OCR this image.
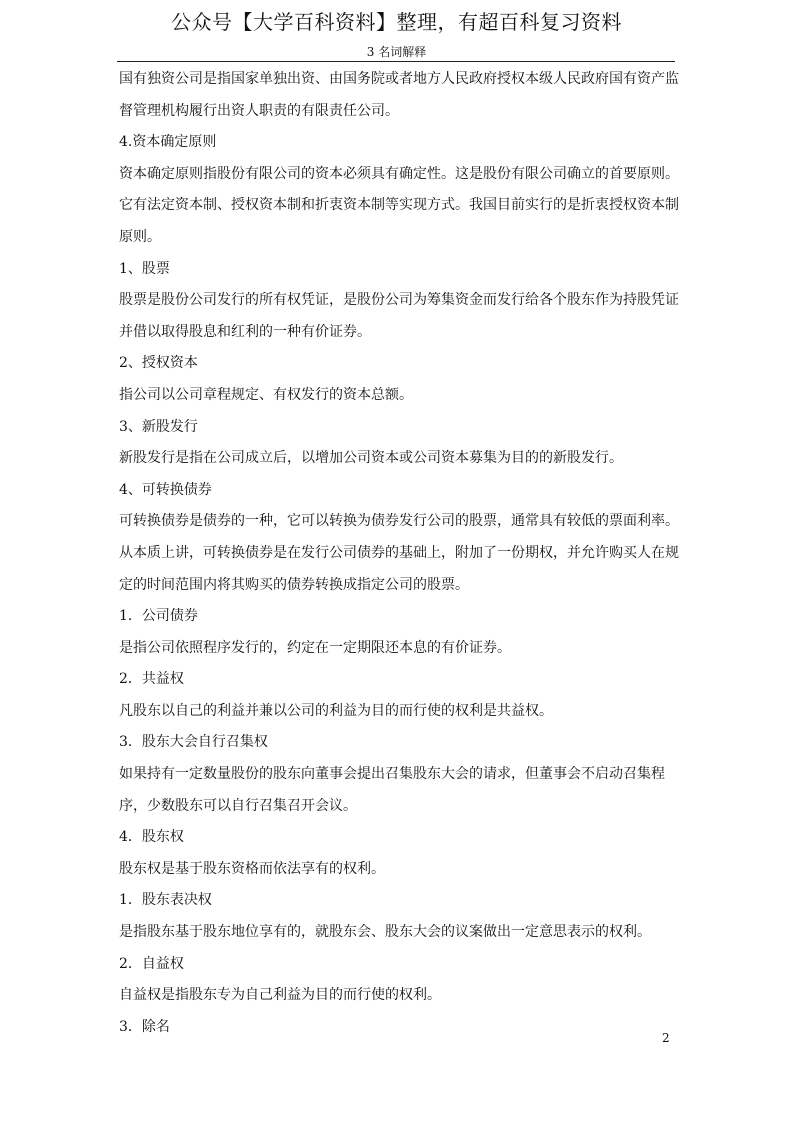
公众号【大学百科资料】整理，有超百科复习资料
3 名词解释
国有独资公司是指国家单独出资、由国务院或者地方人民政府授权本级人民政府国有资产监
督管理机构履行出资人职责的有限责任公司。
4.资本确定原则
资本确定原则指股份有限公司的资本必须具有确定性。这是股份有限公司确立的首要原则。
它有法定资本制、授权资本制和折衷资本制等实现方式。我国目前实行的是折衷授权资本制
原则。
1、股票
股票是股份公司发行的所有权凭证，是股份公司为筹集资金而发行给各个股东作为持股凭证
并借以取得股息和红利的一种有价证券。
2、授权资本
指公司以公司章程规定、有权发行的资本总额。
3、新股发行
新股发行是指在公司成立后，以增加公司资本或公司资本募集为目的的新股发行。
4、可转换债券
可转换债券是债券的一种，它可以转换为债券发行公司的股票，通常具有较低的票面利率。
从本质上讲，可转换债券是在发行公司债券的基础上，附加了一份期权，并允许购买人在规
定的时间范围内将其购买的债券转换成指定公司的股票。
1．公司债券
是指公司依照程序发行的，约定在一定期限还本息的有价证券。
2．共益权
凡股东以自己的利益并兼以公司的利益为目的而行使的权利是共益权。
3．股东大会自行召集权
如果持有一定数量股份的股东向董事会提出召集股东大会的请求，但董事会不启动召集程
序，少数股东可以自行召集召开会议。
4．股东权
股东权是基于股东资格而依法享有的权利。
1．股东表决权
是指股东基于股东地位享有的，就股东会、股东大会的议案做出一定意思表示的权利。
2．自益权
自益权是指股东专为自己利益为目的而行使的权利。
3．除名
2
